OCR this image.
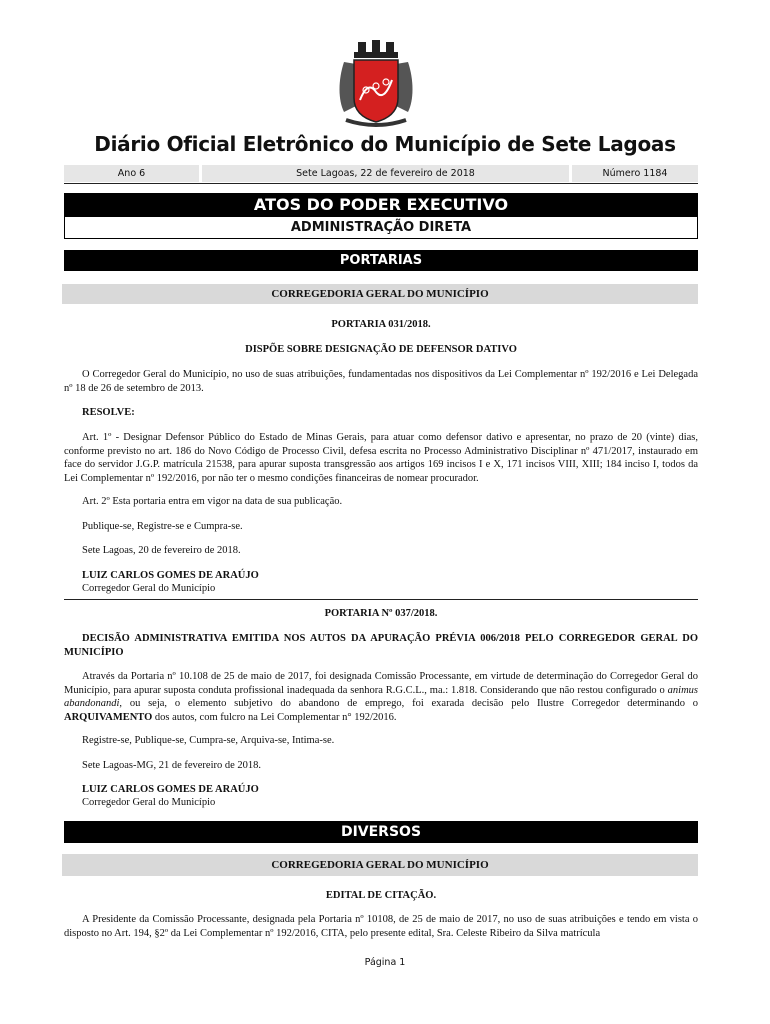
Diário Oficial Eletrônico do Município de Sete Lagoas
Ano 6	Sete Lagoas, 22 de fevereiro de 2018	Número 1184
ATOS DO PODER EXECUTIVO
ADMINISTRAÇÃO DIRETA
PORTARIAS
CORREGEDORIA GERAL DO MUNICÍPIO
PORTARIA 031/2018.
DISPÕE SOBRE DESIGNAÇÃO DE DEFENSOR DATIVO
O Corregedor Geral do Município, no uso de suas atribuições, fundamentadas nos dispositivos da Lei Complementar nº 192/2016 e Lei Delegada nº 18 de 26 de setembro de 2013.
RESOLVE:
Art. 1º - Designar Defensor Público do Estado de Minas Gerais, para atuar como defensor dativo e apresentar, no prazo de 20 (vinte) dias, conforme previsto no art. 186 do Novo Código de Processo Civil, defesa escrita no Processo Administrativo Disciplinar nº 471/2017, instaurado em face do servidor J.G.P. matrícula 21538, para apurar suposta transgressão aos artigos 169 incisos I e X, 171 incisos VIII, XIII; 184 inciso I, todos da Lei Complementar nº 192/2016, por não ter o mesmo condições financeiras de nomear procurador.
Art. 2º Esta portaria entra em vigor na data de sua publicação.
Publique-se, Registre-se e Cumpra-se.
Sete Lagoas, 20 de fevereiro de 2018.
LUIZ CARLOS GOMES DE ARAÚJO
Corregedor Geral do Município
PORTARIA Nº 037/2018.
DECISÃO ADMINISTRATIVA EMITIDA NOS AUTOS DA APURAÇÃO PRÉVIA 006/2018 PELO CORREGEDOR GERAL DO MUNICÍPIO
Através da Portaria nº 10.108 de 25 de maio de 2017, foi designada Comissão Processante, em virtude de determinação do Corregedor Geral do Município, para apurar suposta conduta profissional inadequada da senhora R.G.C.L., ma.: 1.818. Considerando que não restou configurado o animus abandonandi, ou seja, o elemento subjetivo do abandono de emprego, foi exarada decisão pelo Ilustre Corregedor determinando o ARQUIVAMENTO dos autos, com fulcro na Lei Complementar n° 192/2016.
Registre-se, Publique-se, Cumpra-se, Arquiva-se, Intima-se.
Sete Lagoas-MG, 21 de fevereiro de 2018.
LUIZ CARLOS GOMES DE ARAÚJO
Corregedor Geral do Município
DIVERSOS
CORREGEDORIA GERAL DO MUNICÍPIO
EDITAL DE CITAÇÃO.
A Presidente da Comissão Processante, designada pela Portaria nº 10108, de 25 de maio de 2017, no uso de suas atribuições e tendo em vista o disposto no Art. 194, §2º da Lei Complementar nº 192/2016, CITA, pelo presente edital, Sra. Celeste Ribeiro da Silva matrícula
Página 1
